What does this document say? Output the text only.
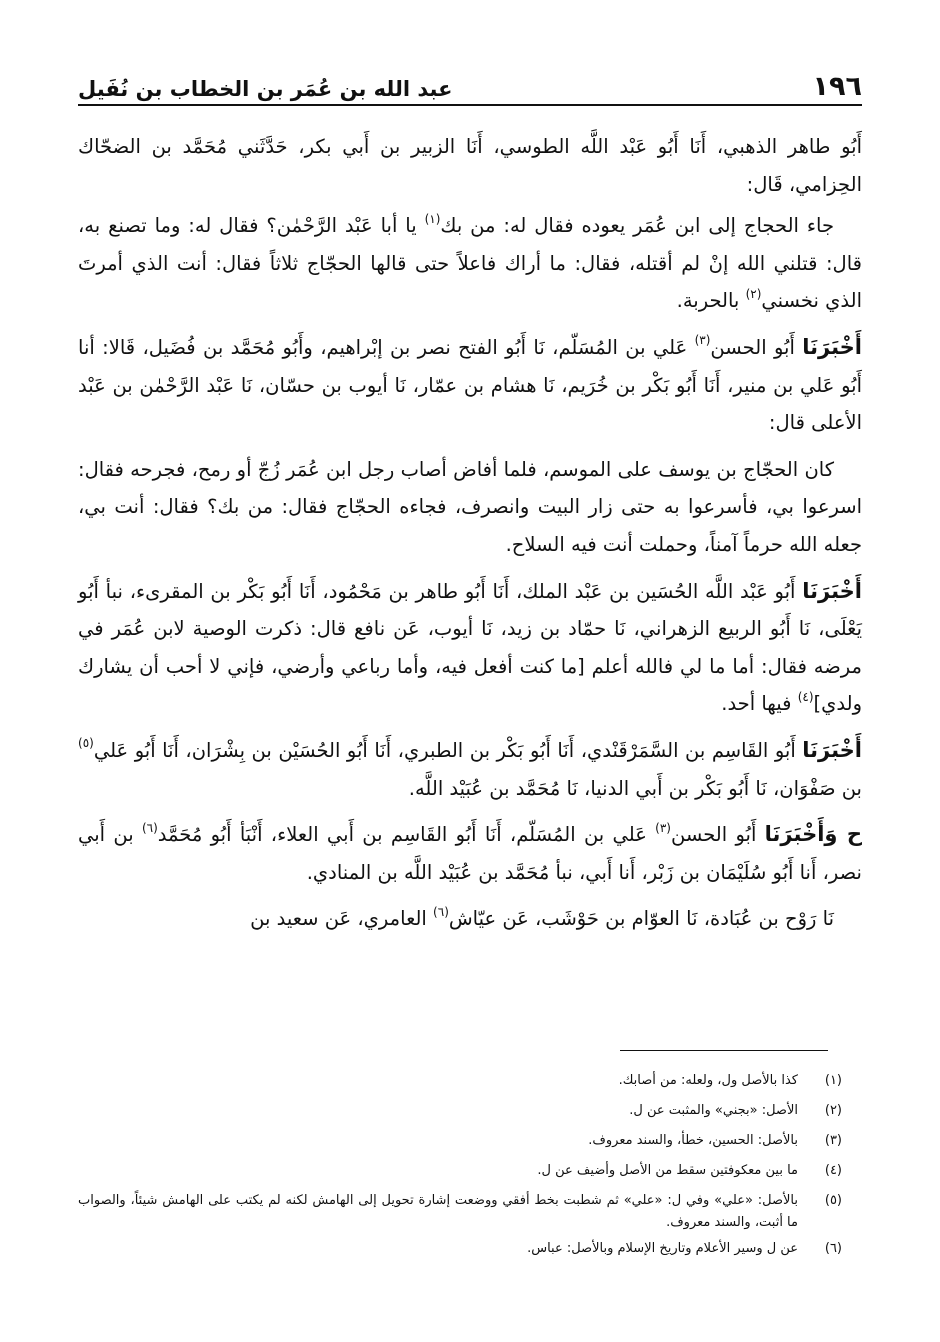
١٩٦
عبد الله بن عُمَر بن الخطاب بن نُفَيل

أَبُو طاهر الذهبي، أَنَا أَبُو عَبْد اللَّه الطوسي، أَنَا الزبير بن أَبي بكر، حَدَّثَني مُحَمَّد بن الضحّاك الحِزامي، قَال:

جاء الحجاج إلى ابن عُمَر يعوده فقال له: من بك$^{(١)}$ يا أبا عَبْد الرَّحْمٰن؟ فقال له: وما تصنع به، قال: قتلني الله إنْ لم أقتله، فقال: ما أراك فاعلاً حتى قالها الحجّاج ثلاثاً فقال: أنت الذي أمرتَ الذي نخسني$^{(٢)}$ بالحربة.

أَخْبَرَنَا أَبُو الحسن$^{(٣)}$ عَلي بن المُسَلّم، نَا أَبُو الفتح نصر بن إبْراهيم، وأَبُو مُحَمَّد بن فُضَيل، قَالا: أنا أَبُو عَلي بن منير، أَنَا أَبُو بَكْر بن خُرَيم، نَا هشام بن عمّار، نَا أيوب بن حسّان، نَا عَبْد الرَّحْمٰن بن عَبْد الأعلى قال:

كان الحجّاج بن يوسف على الموسم، فلما أفاض أصاب رجل ابن عُمَر زُجّ أو رمح، فجرحه فقال: اسرعوا بي، فأسرعوا به حتى زار البيت وانصرف، فجاءه الحجّاج فقال: من بك؟ فقال: أنت بي، جعله الله حرماً آمناً، وحملت أنت فيه السلاح.

أَخْبَرَنَا أَبُو عَبْد اللَّه الحُسَين بن عَبْد الملك، أَنَا أَبُو طاهر بن مَحْمُود، أَنَا أَبُو بَكْر بن المقرىء، نبأ أَبُو يَعْلَى، نَا أَبُو الربيع الزهراني، نَا حمّاد بن زيد، نَا أيوب، عَن نافع قال: ذكرت الوصية لابن عُمَر في مرضه فقال: أما ما لي فالله أعلم [ما كنت أفعل فيه، وأما رباعي وأرضي، فإني لا أحب أن يشارك ولدي]$^{(٤)}$ فيها أحد.

أَخْبَرَنَا أَبُو القَاسِم بن السَّمَرْقَنْدي، أَنَا أَبُو بَكْر بن الطبري، أَنَا أَبُو الحُسَيْن بن بِشْرَان، أَنَا أَبُو عَلي$^{(٥)}$ بن صَفْوَان، نَا أَبُو بَكْر بن أَبي الدنيا، نَا مُحَمَّد بن عُبَيْد اللَّه.

ح وَأَخْبَرَنَا أَبُو الحسن$^{(٣)}$ عَلي بن المُسَلّم، أَنَا أَبُو القَاسِم بن أَبي العلاء، أَنْبَأ أَبُو مُحَمَّد$^{(٦)}$ بن أَبي نصر، أَنا أَبُو سُلَيْمَان بن زَبْر، أَنا أَبي، نبأ مُحَمَّد بن عُبَيْد اللَّه بن المنادي.

نَا رَوْح بن عُبَادة، نَا العوّام بن حَوْشَب، عَن عيّاش$^{(٦)}$ العامري، عَن سعيد بن

(١)
كذا بالأصل ول، ولعله: من أصابك.
(٢)
الأصل: «بجني» والمثبت عن ل.
(٣)
بالأصل: الحسين، خطأ، والسند معروف.
(٤)
ما بين معكوفتين سقط من الأصل وأضيف عن ل.
(٥)
بالأصل: «علي» وفي ل: «علي» ثم شطبت بخط أفقي ووضعت إشارة تحويل إلى الهامش لكنه لم يكتب على الهامش شيئاً، والصواب ما أثبت، والسند معروف.
(٦)
عن ل وسير الأعلام وتاريخ الإسلام وبالأصل: عباس.
